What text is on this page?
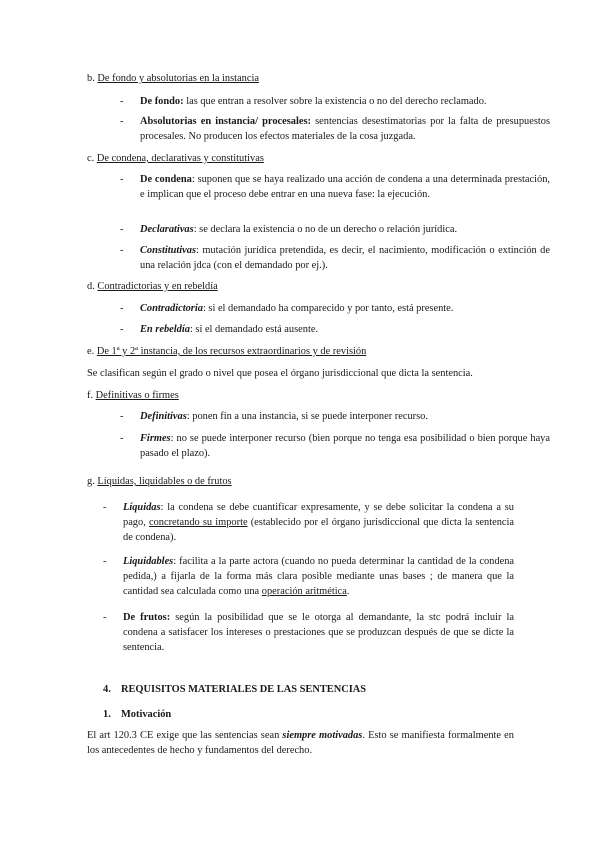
b. De fondo y absolutorias en la instancia
-	De fondo: las que entran a resolver sobre la existencia o no del derecho reclamado.
-	Absolutorias en instancia/ procesales: sentencias desestimatorias por la falta de presupuestos procesales. No producen los efectos materiales de la cosa juzgada.
c. De condena, declarativas y constitutivas
-	De condena: suponen que se haya realizado una acción de condena a una determinada prestación, e implican que el proceso debe entrar en una nueva fase: la ejecución.
-	Declarativas: se declara la existencia o no de un derecho o relación jurídica.
-	Constitutivas: mutación jurídica pretendida, es decir, el nacimiento, modificación o extinción de una relación jdca (con el demandado por ej.).
d. Contradictorias y en rebeldía
-	Contradictoria: si el demandado ha comparecido y por tanto, está presente.
-	En rebeldía: si el demandado está ausente.
e. De 1ª y 2ª instancia, de los recursos extraordinarios y de revisión
Se clasifican según el grado o nivel que posea el órgano jurisdiccional que dicta la sentencia.
f. Definitivas o firmes
-	Definitivas: ponen fin a una instancia, si se puede interponer recurso.
-	Firmes: no se puede interponer recurso (bien porque no tenga esa posibilidad o bien porque haya pasado el plazo).
g. Líquidas, liquidables o de frutos
-	Líquidas: la condena se debe cuantificar expresamente, y se debe solicitar la condena a su pago, concretando su importe (establecido por el órgano jurisdiccional que dicta la sentencia de condena).
-	Liquidables: facilita a la parte actora (cuando no pueda determinar la cantidad de la condena pedida,) a fijarla de la forma más clara posible mediante unas bases ; de manera que la cantidad sea calculada como una operación aritmética.
-	De frutos: según la posibilidad que se le otorga al demandante, la stc podrá incluir la condena a satisfacer los intereses o prestaciones que se produzcan después de que se dicte la sentencia.
4. REQUISITOS MATERIALES DE LAS SENTENCIAS
1. Motivación
El art 120.3 CE exige que las sentencias sean siempre motivadas. Esto se manifiesta formalmente en los antecedentes de hecho y fundamentos del derecho.
